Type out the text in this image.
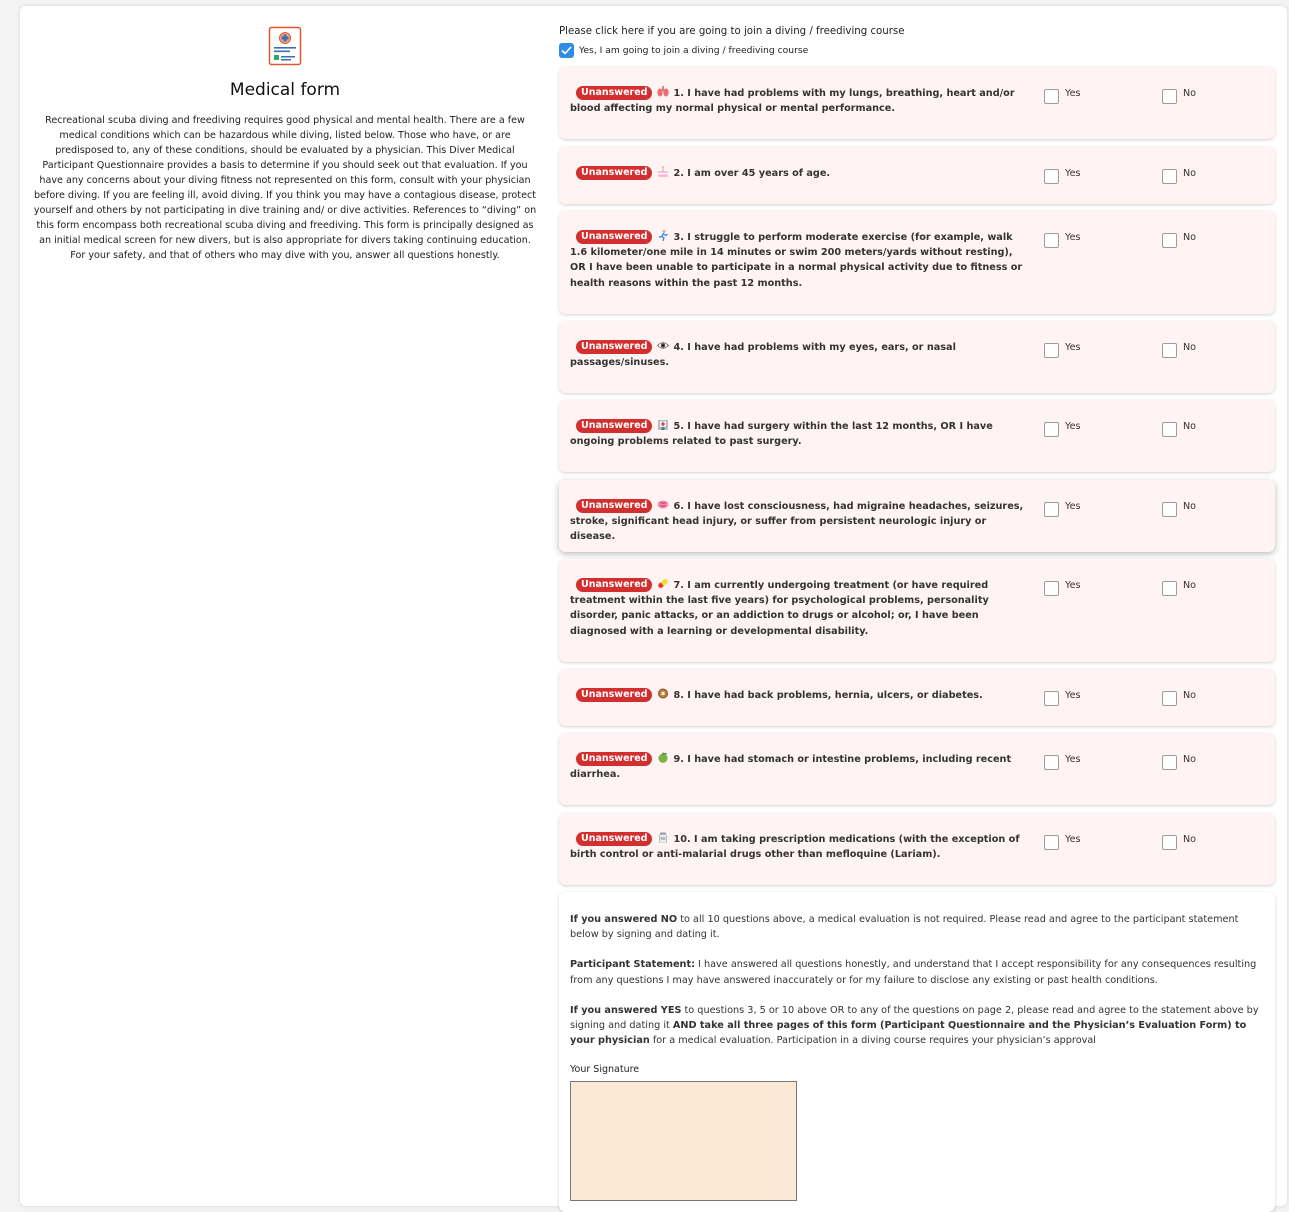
Medical form
Recreational scuba diving and freediving requires good physical and mental health. There are a few medical conditions which can be hazardous while diving, listed below. Those who have, or are predisposed to, any of these conditions, should be evaluated by a physician. This Diver Medical Participant Questionnaire provides a basis to determine if you should seek out that evaluation. If you have any concerns about your diving fitness not represented on this form, consult with your physician before diving. If you are feeling ill, avoid diving. If you think you may have a contagious disease, protect yourself and others by not participating in dive training and/ or dive activities. References to “diving” on this form encompass both recreational scuba diving and freediving. This form is principally designed as an initial medical screen for new divers, but is also appropriate for divers taking continuing education. For your safety, and that of others who may dive with you, answer all questions honestly.
Please click here if you are going to join a diving / freediving course
Yes, I am going to join a diving / freediving course
Unanswered	1. I have had problems with my lungs, breathing, heart and/or blood affecting my normal physical or mental performance.
Yes	No
Unanswered	2. I am over 45 years of age.	Yes	No
Unanswered	3. I struggle to perform moderate exercise (for example, walk 1.6 kilometer/one mile in 14 minutes or swim 200 meters/yards without resting), OR I have been unable to participate in a normal physical activity due to fitness or health reasons within the past 12 months.
Yes	No
Unanswered	4. I have had problems with my eyes, ears, or nasal passages/sinuses.
Yes	No
Unanswered	5. I have had surgery within the last 12 months, OR I have ongoing problems related to past surgery.
Yes	No
Unanswered	6. I have lost consciousness, had migraine headaches, seizures, stroke, significant head injury, or suffer from persistent neurologic injury or disease.
Yes	No
Unanswered	7. I am currently undergoing treatment (or have required treatment within the last five years) for psychological problems, personality disorder, panic attacks, or an addiction to drugs or alcohol; or, I have been diagnosed with a learning or developmental disability.
Yes	No
Unanswered	8. I have had back problems, hernia, ulcers, or diabetes.	Yes	No
Unanswered	9. I have had stomach or intestine problems, including recent diarrhea.
Yes	No
Unanswered	10. I am taking prescription medications (with the exception of birth control or anti-malarial drugs other than mefloquine (Lariam).
Yes	No

If you answered NO to all 10 questions above, a medical evaluation is not required. Please read and agree to the participant statement below by signing and dating it.

Participant Statement: I have answered all questions honestly, and understand that I accept responsibility for any consequences resulting from any questions I may have answered inaccurately or for my failure to disclose any existing or past health conditions.

If you answered YES to questions 3, 5 or 10 above OR to any of the questions on page 2, please read and agree to the statement above by signing and dating it AND take all three pages of this form (Participant Questionnaire and the Physician’s Evaluation Form) to your physician for a medical evaluation. Participation in a diving course requires your physician’s approval

Your Signature
